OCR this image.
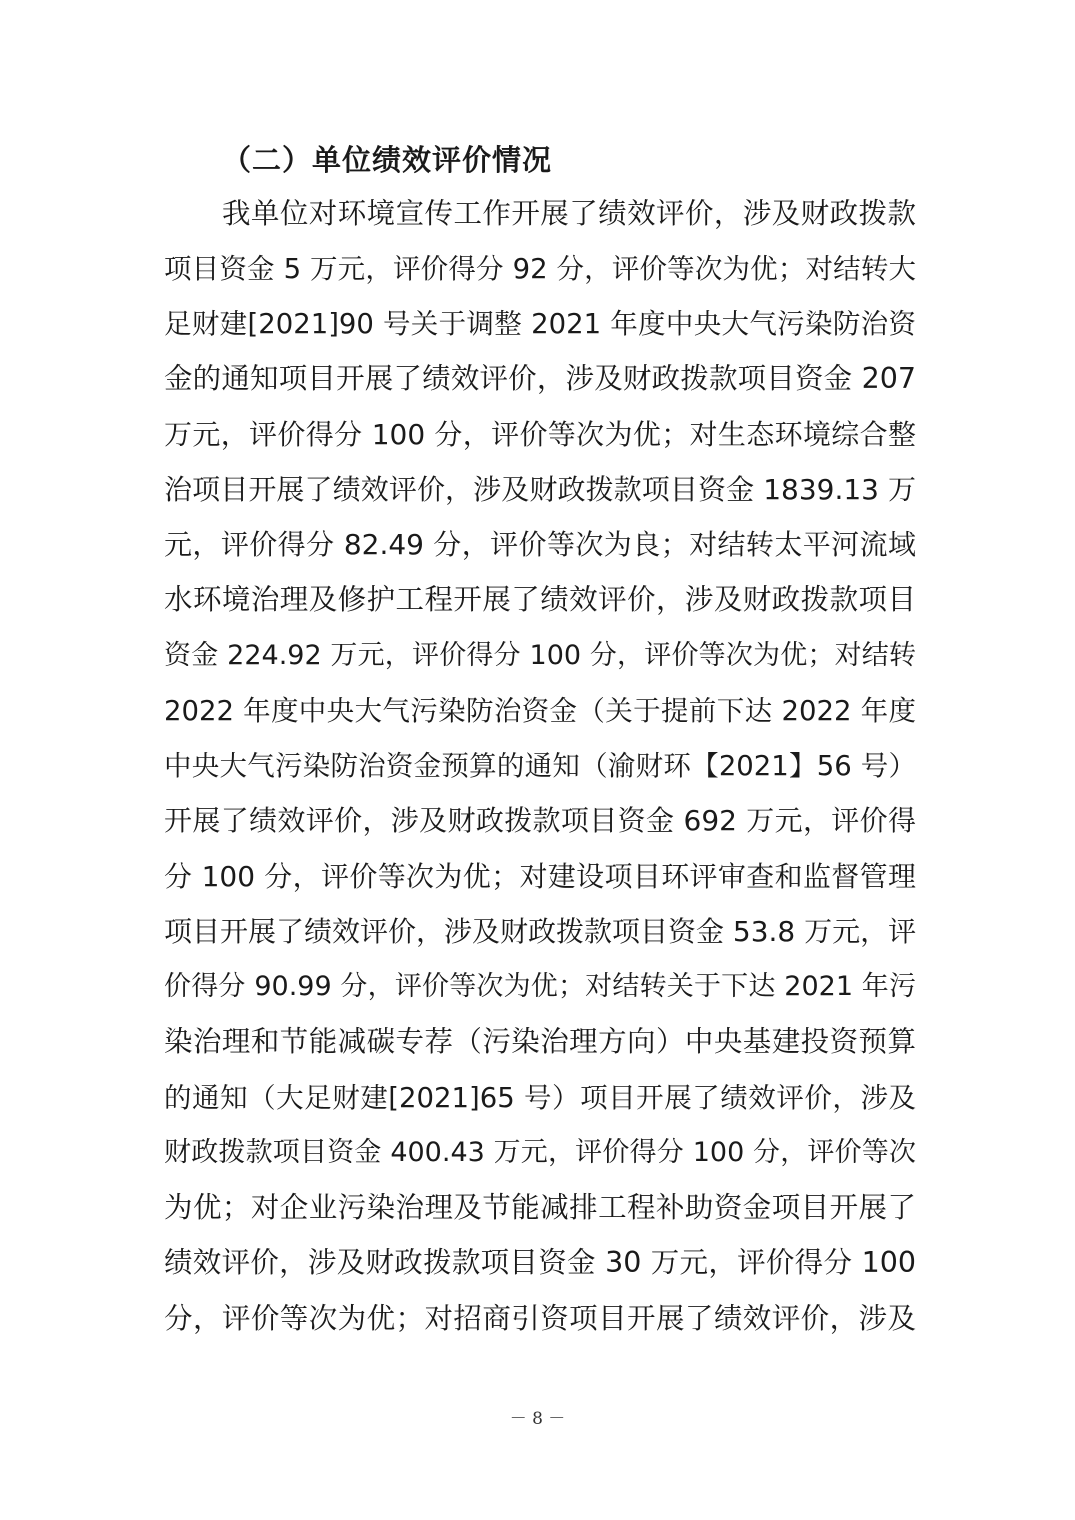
（二）单位绩效评价情况
我单位对环境宣传工作开展了绩效评价，涉及财政拨款
项目资金 5 万元，评价得分 92 分，评价等次为优；对结转大
足财建[2021]90 号关于调整 2021 年度中央大气污染防治资
金的通知项目开展了绩效评价，涉及财政拨款项目资金 207
万元，评价得分 100 分，评价等次为优；对生态环境综合整
治项目开展了绩效评价，涉及财政拨款项目资金 1839.13 万
元，评价得分 82.49 分，评价等次为良；对结转太平河流域
水环境治理及修护工程开展了绩效评价，涉及财政拨款项目
资金 224.92 万元，评价得分 100 分，评价等次为优；对结转
2022 年度中央大气污染防治资金（关于提前下达 2022 年度
中央大气污染防治资金预算的通知（渝财环【2021】56 号）
开展了绩效评价，涉及财政拨款项目资金 692 万元，评价得
分 100 分，评价等次为优；对建设项目环评审查和监督管理
项目开展了绩效评价，涉及财政拨款项目资金 53.8 万元，评
价得分 90.99 分，评价等次为优；对结转关于下达 2021 年污
染治理和节能减碳专荐（污染治理方向）中央基建投资预算
的通知（大足财建[2021]65 号）项目开展了绩效评价，涉及
财政拨款项目资金 400.43 万元，评价得分 100 分，评价等次
为优；对企业污染治理及节能减排工程补助资金项目开展了
绩效评价，涉及财政拨款项目资金 30 万元，评价得分 100
分，评价等次为优；对招商引资项目开展了绩效评价，涉及
－ 8 －
